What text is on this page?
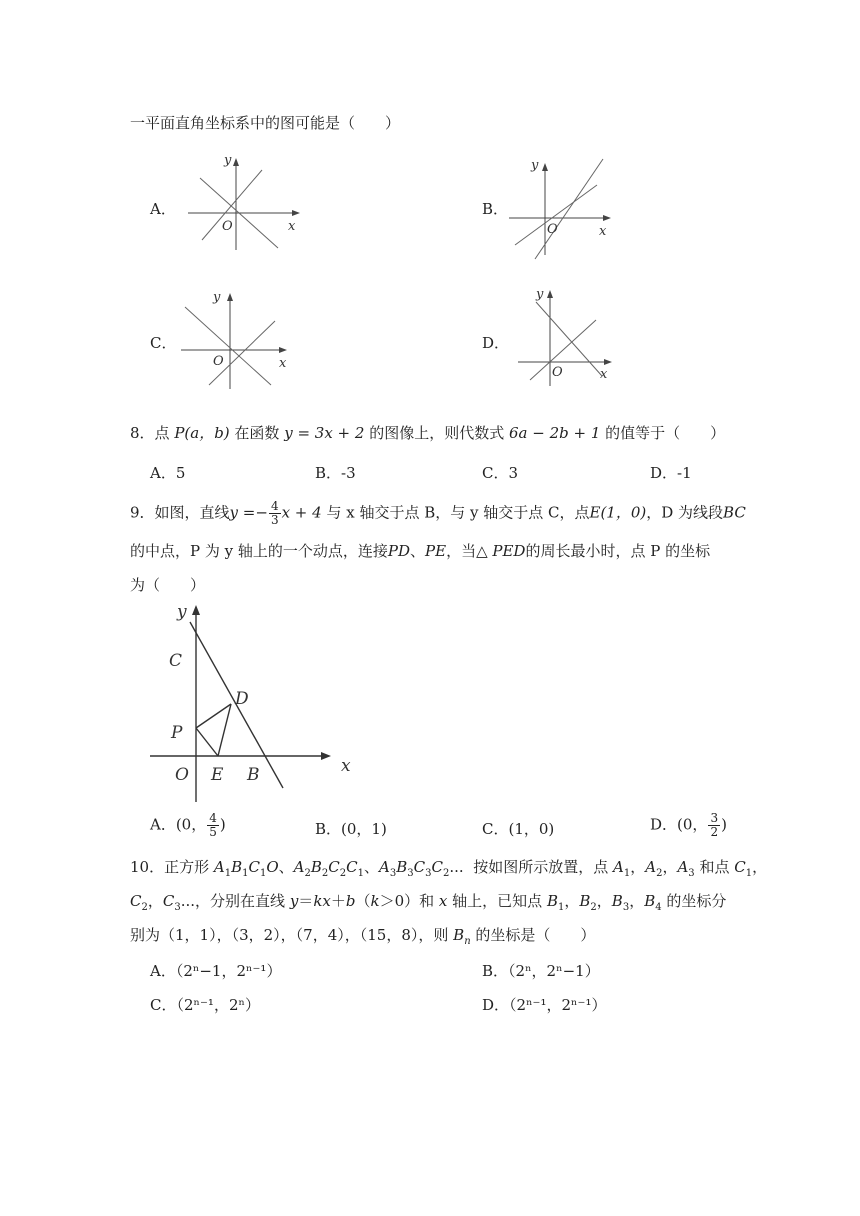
一平面直角坐标系中的图可能是（　　）
A．
y
x
O
B．
y
x
O
C．
y
x
O
D．
y
x
O
8．点 P(a，b) 在函数 y = 3x + 2 的图像上，则代数式 6a − 2b + 1 的值等于（　　）
A．5	B．-3	C．3	D．-1
9．如图，直线$y =- \frac{4}{3}$ x + 4 与 x 轴交于点 B，与 y 轴交于点 C，点E(1，0)，D 为线段BC
的中点，P 为 y 轴上的一个动点，连接PD、PE，当△ PED的周长最小时，点 P 的坐标
为（　　）
y
x
C
D
P
O E B
A．(0， $\frac{4}{5}$ )	B．(0，1)	C．(1，0)	D．(0， $\frac{3}{2}$ )
10．正方形 $A_1B_1C_1O$、$A_2B_2C_2C_1$、$A_3B_3C_3C_2$...  按如图所示放置，点 $A_1$，$A_2$，$A_3$ 和点 $C_1$，
$C_2$，$C_3$...，分别在直线 y＝kx＋b（k＞0）和 x 轴上，已知点 $B_1$，$B_2$，$B_3$，$B_4$ 的坐标分
别为（1，1），（3，2），（7，4），（15，8），则 $B_n$ 的坐标是（　　）
A．（2ⁿ−1，2ⁿ⁻¹）	B．（2ⁿ，2ⁿ−1）
C．（2ⁿ⁻¹，2ⁿ）	D．（2ⁿ⁻¹，2ⁿ⁻¹）
